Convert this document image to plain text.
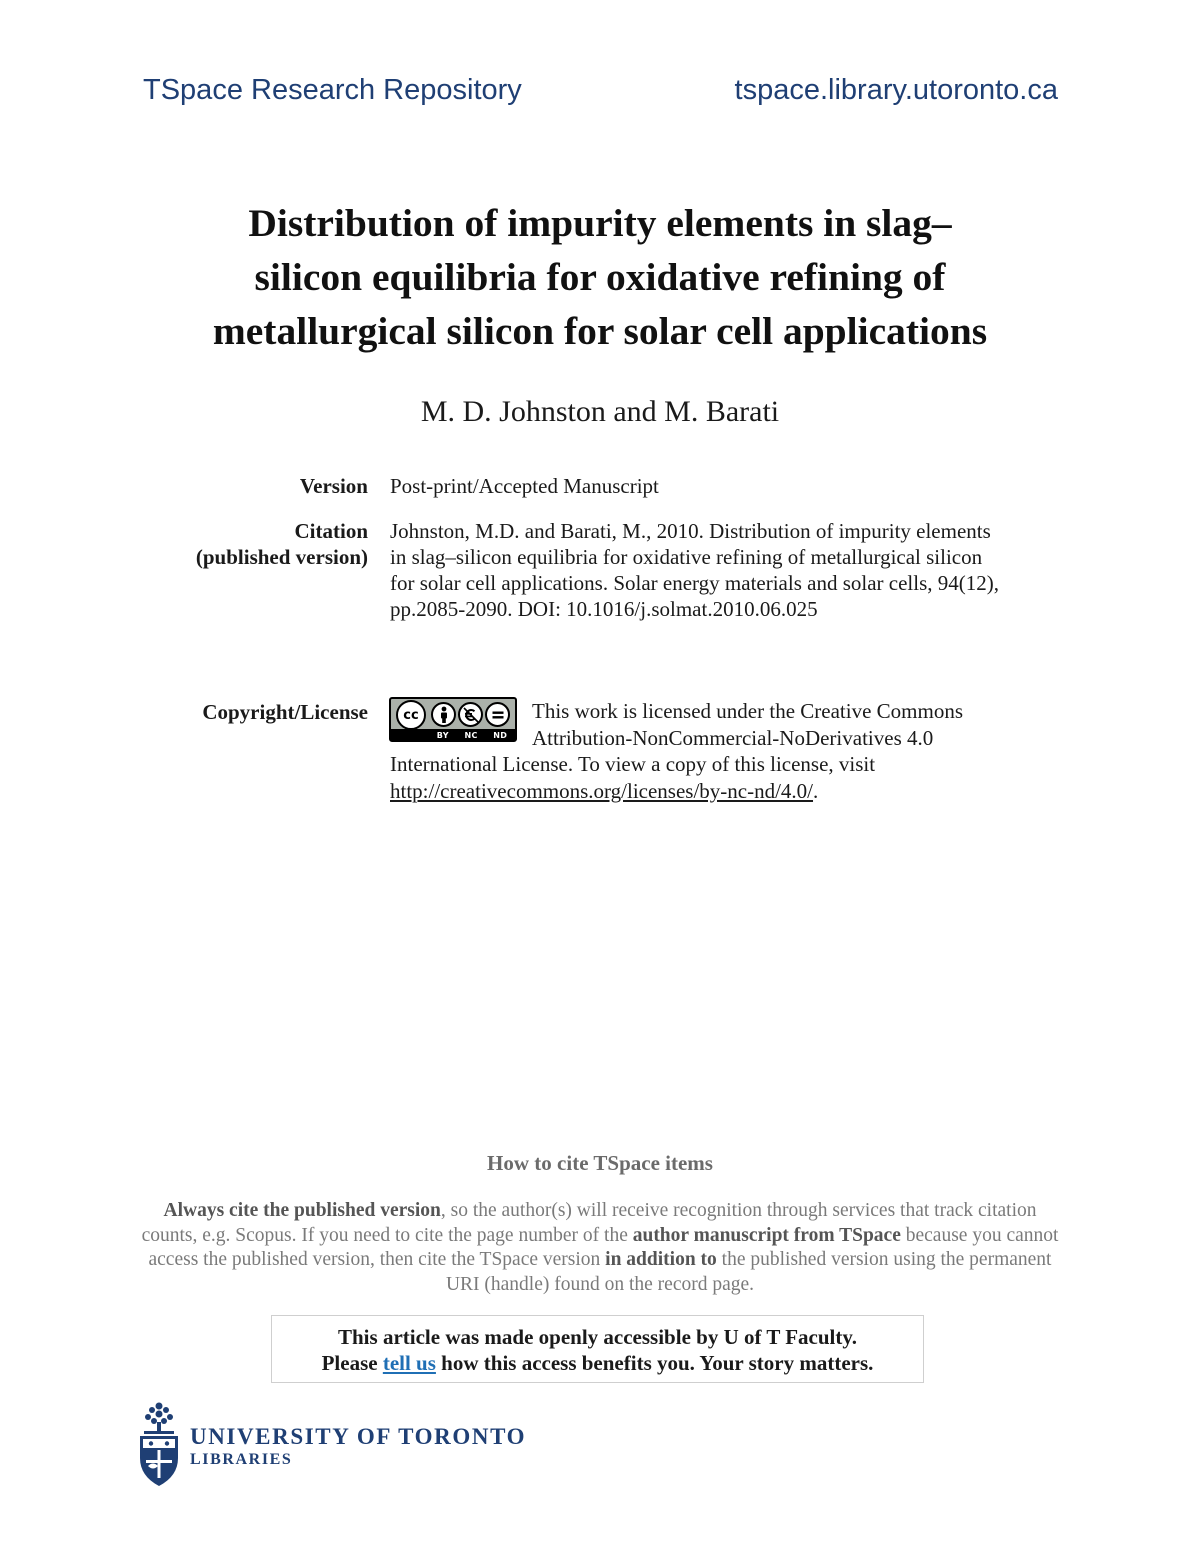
TSpace Research Repository	tspace.library.utoronto.ca
Distribution of impurity elements in slag–
silicon equilibria for oxidative refining of
metallurgical silicon for solar cell applications
M. D. Johnston and M. Barati
Version Post-print/Accepted Manuscript
Citation
(published version)
Johnston, M.D. and Barati, M., 2010. Distribution of impurity elements
in slag–silicon equilibria for oxidative refining of metallurgical silicon
for solar cell applications. Solar energy materials and solar cells, 94(12),
pp.2085-2090. DOI: 10.1016/j.solmat.2010.06.025
Copyright/License	cc
BY NC ND
This work is licensed under the Creative Commons
Attribution-NonCommercial-NoDerivatives 4.0
International License. To view a copy of this license, visit
http://creativecommons.org/licenses/by-nc-nd/4.0/.
How to cite TSpace items
Always cite the published version, so the author(s) will receive recognition through services that track citation counts, e.g. Scopus. If you need to cite the page number of the author manuscript from TSpace because you cannot access the published version, then cite the TSpace version in addition to the published version using the permanent URI (handle) found on the record page.
This article was made openly accessible by U of T Faculty.
Please tell us how this access benefits you. Your story matters.
UNIVERSITY OF TORONTO
LIBRARIES
